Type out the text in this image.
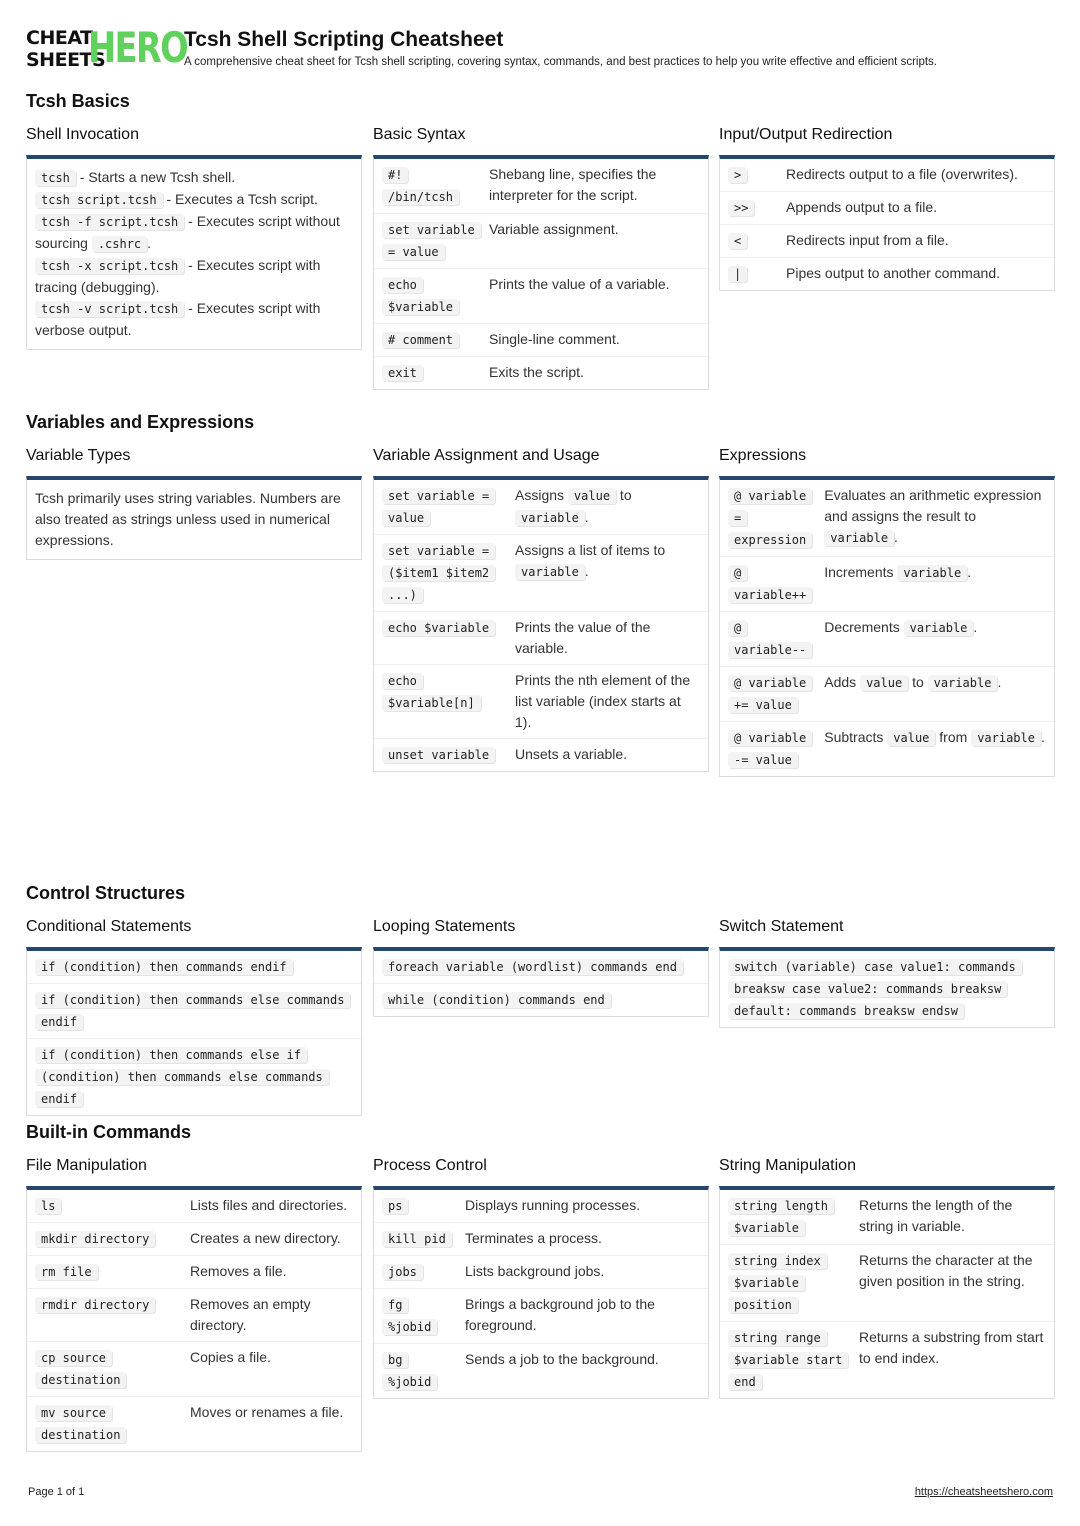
CHEAT
SHEETS
HERO
Tcsh Shell Scripting Cheatsheet
A comprehensive cheat sheet for Tcsh shell scripting, covering syntax, commands, and best practices to help you write effective and efficient scripts.
Tcsh Basics
Shell Invocation
tcsh - Starts a new Tcsh shell.
tcsh script.tcsh - Executes a Tcsh script.
tcsh -f script.tcsh - Executes script without sourcing .cshrc .
tcsh -x script.tcsh - Executes script with tracing (debugging).
tcsh -v script.tcsh - Executes script with verbose output.
Basic Syntax
#! /bin/tcsh	Shebang line, specifies the interpreter for the script.
set variable = value	Variable assignment.
echo $variable	Prints the value of a variable.
# comment	Single-line comment.
exit	Exits the script.
Input/Output Redirection
>	Redirects output to a file (overwrites).
>>	Appends output to a file.
<	Redirects input from a file.
|	Pipes output to another command.
Variables and Expressions
Variable Types
Tcsh primarily uses string variables. Numbers are also treated as strings unless used in numerical expressions.
Variable Assignment and Usage
set variable = value	Assigns value to variable .
set variable = ($item1 $item2 ...)	Assigns a list of items to variable .
echo $variable	Prints the value of the variable.
echo $variable[n]	Prints the nth element of the list variable (index starts at 1).
unset variable	Unsets a variable.
Expressions
@ variable = expression	Evaluates an arithmetic expression and assigns the result to variable .
@ variable++	Increments variable .
@ variable--	Decrements variable .
@ variable += value	Adds value to variable .
@ variable -= value	Subtracts value from variable .
Control Structures
Conditional Statements
if (condition) then commands endif
if (condition) then commands else commands endif
if (condition) then commands else if (condition) then commands else commands endif
Looping Statements
foreach variable (wordlist) commands end
while (condition) commands end
Switch Statement
switch (variable) case value1: commands breaksw case value2: commands breaksw default: commands breaksw endsw
Built-in Commands
File Manipulation
ls	Lists files and directories.
mkdir directory	Creates a new directory.
rm file	Removes a file.
rmdir directory	Removes an empty directory.
cp source destination	Copies a file.
mv source destination	Moves or renames a file.
Process Control
ps	Displays running processes.
kill pid	Terminates a process.
jobs	Lists background jobs.
fg %jobid	Brings a background job to the foreground.
bg %jobid	Sends a job to the background.
String Manipulation
string length $variable	Returns the length of the string in variable.
string index $variable position	Returns the character at the given position in the string.
string range $variable start end	Returns a substring from start to end index.
Page 1 of 1	https://cheatsheetshero.com
